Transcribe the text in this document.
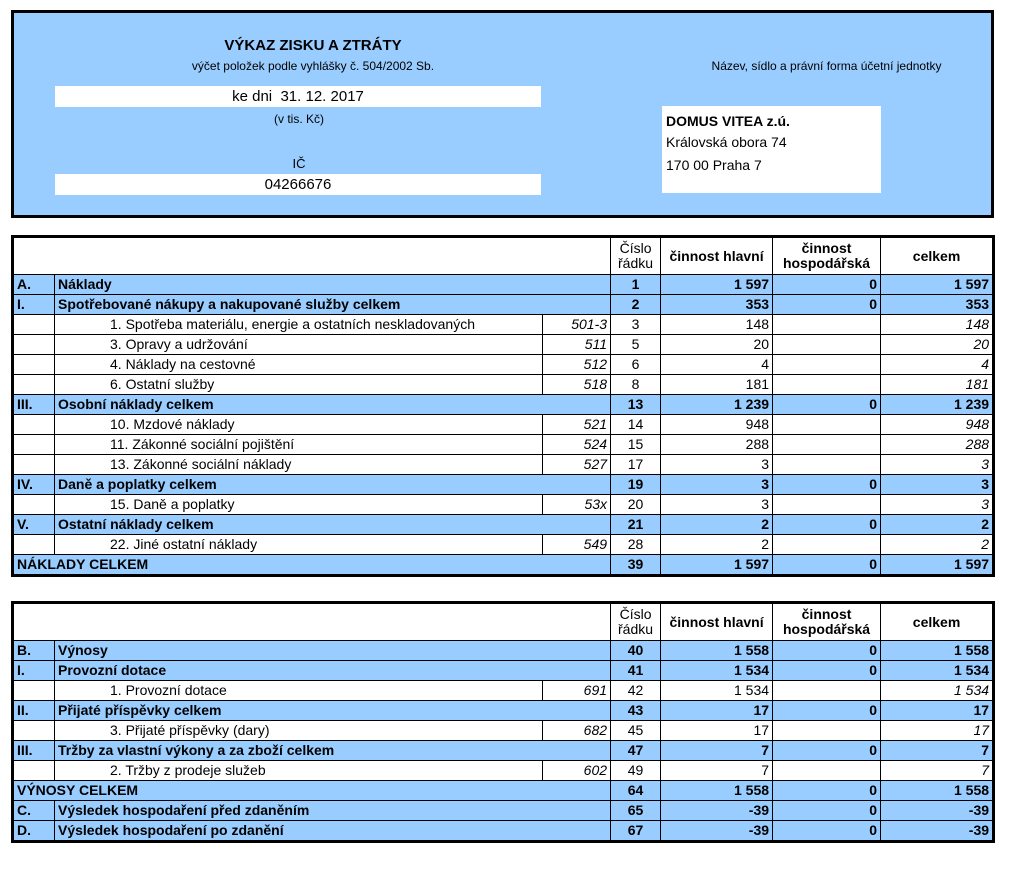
VÝKAZ ZISKU A ZTRÁTY
výčet položek podle vyhlášky č. 504/2002 Sb.	Název, sídlo a právní forma účetní jednotky
ke dni 31. 12. 2017
(v tis. Kč)
IČ
04266676
DOMUS VITEA z.ú.
Královská obora 74
170 00 Praha 7
			Číslo řádku	činnost hlavní	činnost hospodářská	celkem
A.	Náklady		1	1 597	0	1 597
I.	Spotřebované nákupy a nakupované služby celkem		2	353	0	353
	1. Spotřeba materiálu, energie a ostatních neskladovaných	501-3	3	148		148
	3. Opravy a udržování	511	5	20		20
	4. Náklady na cestovné	512	6	4		4
	6. Ostatní služby	518	8	181		181
III.	Osobní náklady celkem		13	1 239	0	1 239
	10. Mzdové náklady	521	14	948		948
	11. Zákonné sociální pojištění	524	15	288		288
	13. Zákonné sociální náklady	527	17	3		3
IV.	Daně a poplatky celkem		19	3	0	3
	15. Daně a poplatky	53x	20	3		3
V.	Ostatní náklady celkem		21	2	0	2
	22. Jiné ostatní náklady	549	28	2		2
NÁKLADY CELKEM			39	1 597	0	1 597
			Číslo řádku	činnost hlavní	činnost hospodářská	celkem
B.	Výnosy		40	1 558	0	1 558
I.	Provozní dotace		41	1 534	0	1 534
	1. Provozní dotace	691	42	1 534		1 534
II.	Přijaté příspěvky celkem		43	17	0	17
	3. Přijaté příspěvky (dary)	682	45	17		17
III.	Tržby za vlastní výkony a za zboží celkem		47	7	0	7
	2. Tržby z prodeje služeb	602	49	7		7
VÝNOSY CELKEM			64	1 558	0	1 558
C.	Výsledek hospodaření před zdaněním		65	-39	0	-39
D.	Výsledek hospodaření po zdanění		67	-39	0	-39
